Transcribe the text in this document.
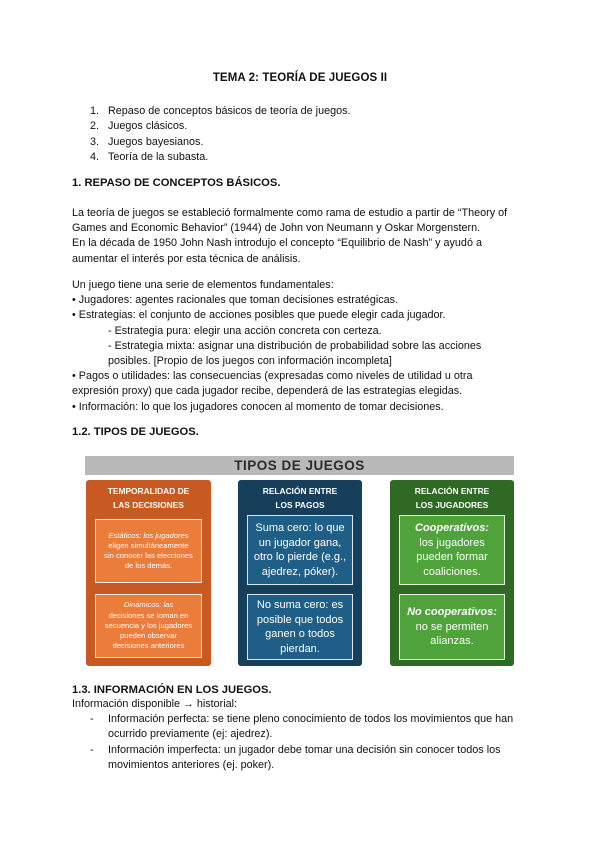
TEMA 2: TEORÍA DE JUEGOS II
1. Repaso de conceptos básicos de teoría de juegos.
2. Juegos clásicos.
3. Juegos bayesianos.
4. Teoría de la subasta.
1. REPASO DE CONCEPTOS BÁSICOS.
La teoría de juegos se estableció formalmente como rama de estudio a partir de “Theory of
Games and Economic Behavior” (1944) de John von Neumann y Oskar Morgenstern.
En la década de 1950 John Nash introdujo el concepto “Equilibrio de Nash” y ayudó a
aumentar el interés por esta técnica de análisis.
Un juego tiene una serie de elementos fundamentales:
• Jugadores: agentes racionales que toman decisiones estratégicas.
• Estrategias: el conjunto de acciones posibles que puede elegir cada jugador.
- Estrategia pura: elegir una acción concreta con certeza.
- Estrategia mixta: asignar una distribución de probabilidad sobre las acciones
posibles. [Propio de los juegos con información incompleta]
• Pagos o utilidades: las consecuencias (expresadas como niveles de utilidad u otra
expresión proxy) que cada jugador recibe, dependerá de las estrategias elegidas.
• Información: lo que los jugadores conocen al momento de tomar decisiones.
1.2. TIPOS DE JUEGOS.
TIPOS DE JUEGOS
TEMPORALIDAD DE
LAS DECISIONES
Estáticos: los jugadores
eligen simultáneamente
sin conocer las elecciones
de los demás.
Dinámicos: las
decisiones se toman en
secuencia y los jugadores
pueden observar
decisiones anteriores
RELACIÓN ENTRE
LOS PAGOS
Suma cero: lo que
un jugador gana,
otro lo pierde (e.g.,
ajedrez, póker).
No suma cero: es
posible que todos
ganen o todos
pierdan.
RELACIÓN ENTRE
LOS JUGADORES
Cooperativos:
los jugadores
pueden formar
coaliciones.
No cooperativos:
no se permiten
alianzas.
1.3. INFORMACIÓN EN LOS JUEGOS.
Información disponible → historial:
- Información perfecta: se tiene pleno conocimiento de todos los movimientos que han
ocurrido previamente (ej: ajedrez).
- Información imperfecta: un jugador debe tomar una decisión sin conocer todos los
movimientos anteriores (ej. poker).
